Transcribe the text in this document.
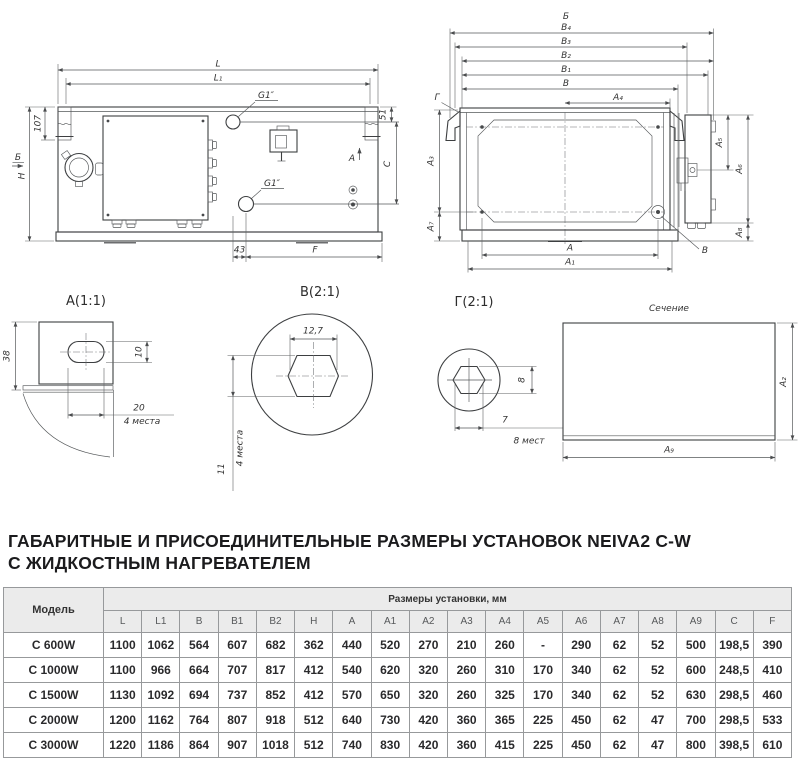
G1″
G1″
A
L
L₁
107
H
Б
51
C
43	F
Б
В₄
В₃
В₂
В₁
В
А₄
Г
А₃
А₇
А₅
А₆
А₈
А
А₁
В
А(1:1)
38	10
20
4 места
В(2:1)
12,7
11
4 места
Г(2:1)
8
7
8 мест
Сечение
А₂
А₉
ГАБАРИТНЫЕ И ПРИСОЕДИНИТЕЛЬНЫЕ РАЗМЕРЫ УСТАНОВОК NEIVA2 C-W
С ЖИДКОСТНЫМ НАГРЕВАТЕЛЕМ
Модель	Размеры установки, мм																	
	L	L1	B	B1	B2	H	A	A1	A2	A3	A4	A5	A6	A7	A8	A9	C	F
C 600W	1100	1062	564	607	682	362	440	520	270	210	260	-	290	62	52	500	198,5	390
C 1000W	1100	966	664	707	817	412	540	620	320	260	310	170	340	62	52	600	248,5	410
C 1500W	1130	1092	694	737	852	412	570	650	320	260	325	170	340	62	52	630	298,5	460
C 2000W	1200	1162	764	807	918	512	640	730	420	360	365	225	450	62	47	700	298,5	533
C 3000W	1220	1186	864	907	1018	512	740	830	420	360	415	225	450	62	47	800	398,5	610
